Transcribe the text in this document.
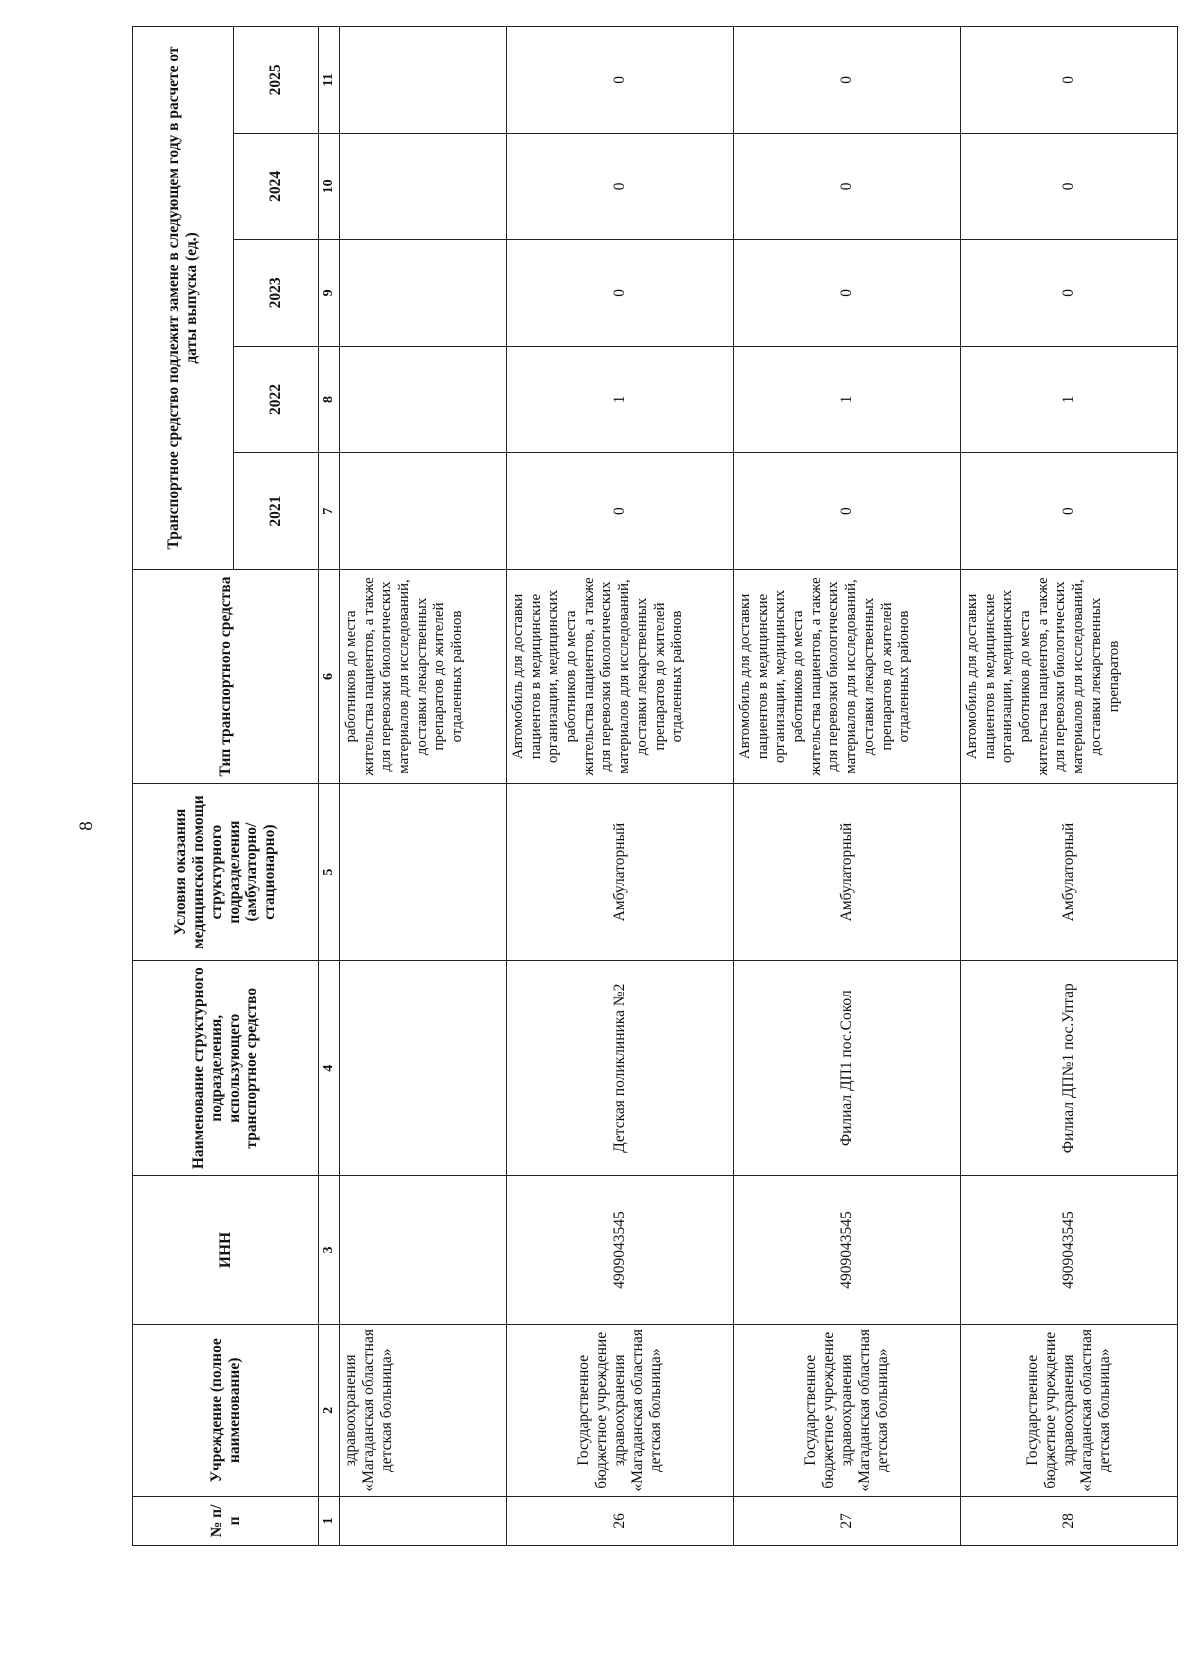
8
№ п/п	Учреждение (полное наименование)	ИНН	Наименование структурного подразделения, использующего транспортное средство	Условия оказания медицинской помощи структурного подразделения (амбулаторно/ стационарно)	Тип транспортного средства	Транспортное средство подлежит замене в следующем году в расчете от даты выпуска (ед.)				
						2021	2022	2023	2024	2025
1	2	3	4	5	6	7	8	9	10	11
	здравоохранения «Магаданская областная детская больница»				работников до места жительства пациентов, а также для перевозки биологических материалов для исследований, доставки лекарственных препаратов до жителей отдаленных районов					
26	Государственное бюджетное учреждение здравоохранения «Магаданская областная детская больница»	4909043545	Детская поликлиника №2	Амбулаторный	Автомобиль для доставки пациентов в медицинские организации, медицинских работников до места жительства пациентов, а также для перевозки биологических материалов для исследований, доставки лекарственных препаратов до жителей отдаленных районов	0	1	0	0	0
27	Государственное бюджетное учреждение здравоохранения «Магаданская областная детская больница»	4909043545	Филиал ДП1 пос.Сокол	Амбулаторный	Автомобиль для доставки пациентов в медицинские организации, медицинских работников до места жительства пациентов, а также для перевозки биологических материалов для исследований, доставки лекарственных препаратов до жителей отдаленных районов	0	1	0	0	0
28	Государственное бюджетное учреждение здравоохранения «Магаданская областная детская больница»	4909043545	Филиал ДП№1 пос.Уптар	Амбулаторный	Автомобиль для доставки пациентов в медицинские организации, медицинских работников до места жительства пациентов, а также для перевозки биологических материалов для исследований, доставки лекарственных препаратов	0	1	0	0	0
